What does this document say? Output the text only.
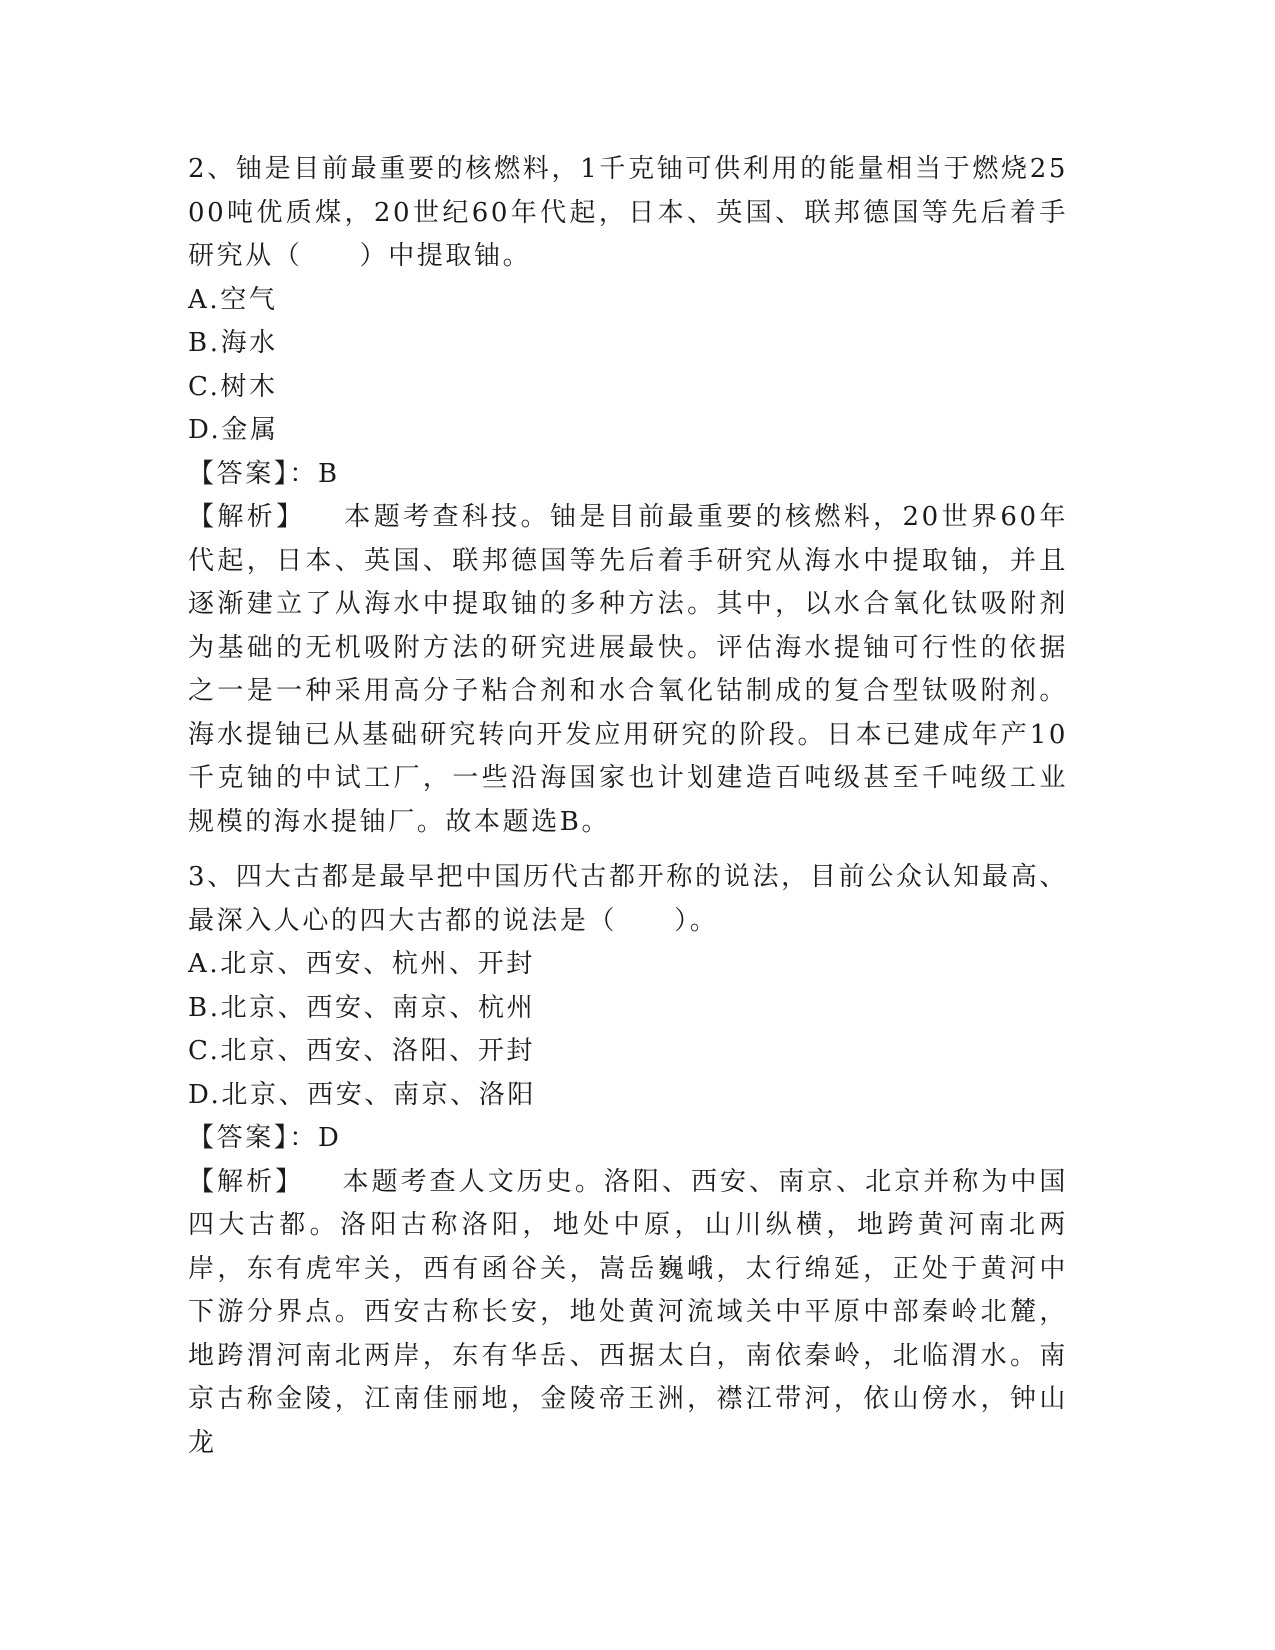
2、铀是目前最重要的核燃料，1千克铀可供利用的能量相当于燃烧2500吨优质煤，20世纪60年代起，日本、英国、联邦德国等先后着手研究从（　　）中提取铀。

A.空气
B.海水
C.树木
D.金属

【答案】：B

【解析】 本题考查科技。铀是目前最重要的核燃料，20世界60年代起，日本、英国、联邦德国等先后着手研究从海水中提取铀，并且逐渐建立了从海水中提取铀的多种方法。其中，以水合氧化钛吸附剂为基础的无机吸附方法的研究进展最快。评估海水提铀可行性的依据之一是一种采用高分子粘合剂和水合氧化钴制成的复合型钛吸附剂。海水提铀已从基础研究转向开发应用研究的阶段。日本已建成年产10千克铀的中试工厂，一些沿海国家也计划建造百吨级甚至千吨级工业规模的海水提铀厂。故本题选B。

3、四大古都是最早把中国历代古都开称的说法，目前公众认知最高、最深入人心的四大古都的说法是（　　）。

A.北京、西安、杭州、开封
B.北京、西安、南京、杭州
C.北京、西安、洛阳、开封
D.北京、西安、南京、洛阳

【答案】：D

【解析】 本题考查人文历史。洛阳、西安、南京、北京并称为中国四大古都。洛阳古称洛阳，地处中原，山川纵横，地跨黄河南北两岸，东有虎牢关，西有函谷关，嵩岳巍峨，太行绵延，正处于黄河中下游分界点。西安古称长安，地处黄河流域关中平原中部秦岭北麓，地跨渭河南北两岸，东有华岳、西据太白，南依秦岭，北临渭水。南京古称金陵，江南佳丽地，金陵帝王洲，襟江带河，依山傍水，钟山龙
